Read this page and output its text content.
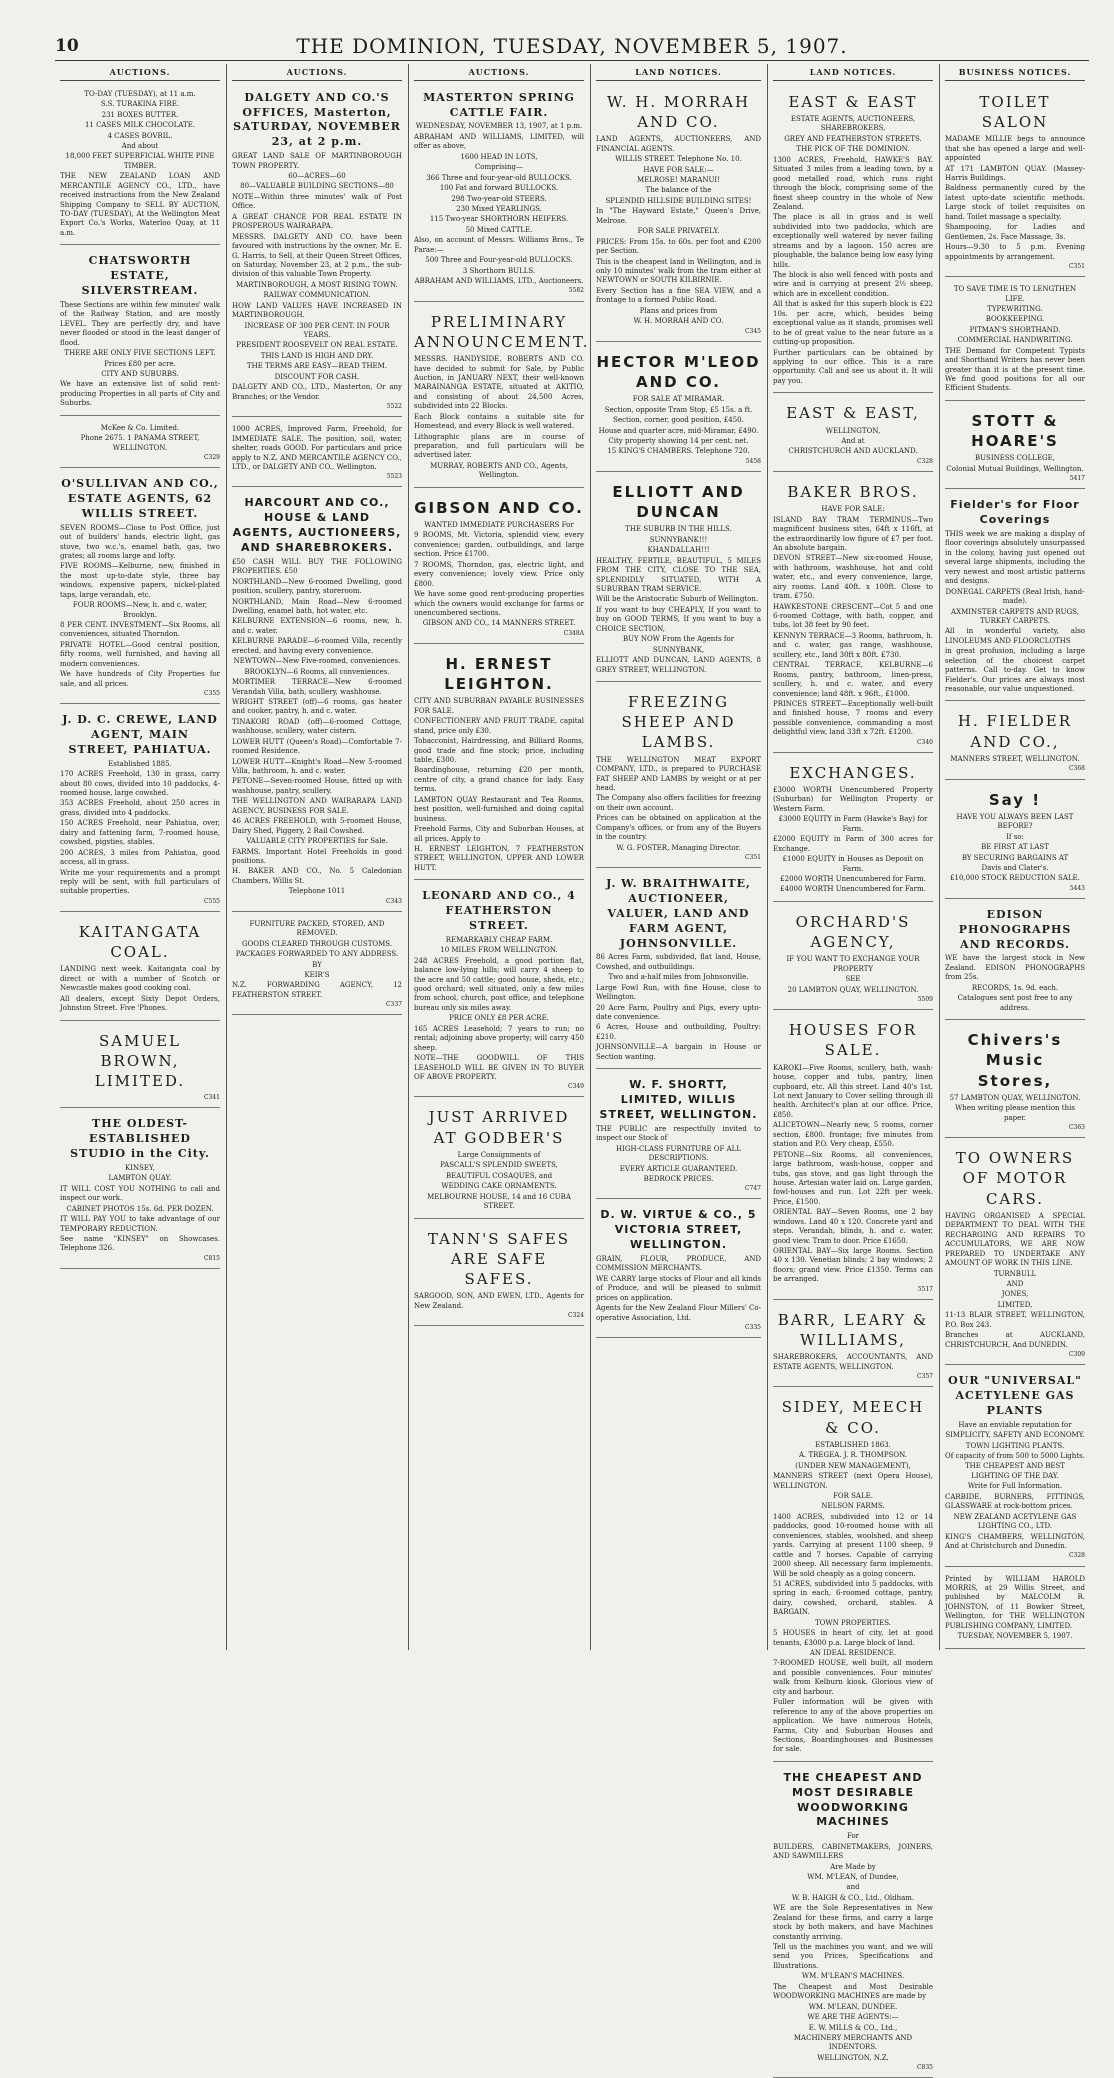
10	THE DOMINION, TUESDAY, NOVEMBER 5, 1907.
AUCTIONS.

TO-DAY (TUESDAY), at 11 a.m.

S.S. TURAKINA FIRE.

231 BOXES BUTTER.

11 CASES MILK CHOCOLATE.

4 CASES BOVRIL.

And about

18,000 FEET SUPERFICIAL WHITE PINE TIMBER.

THE NEW ZEALAND LOAN AND MERCANTILE AGENCY CO., LTD., have received instructions from the New Zealand Shipping Company to SELL BY AUCTION, TO-DAY (TUESDAY), At the Wellington Meat Export Co.'s Works, Waterloo Quay, at 11 a.m.

CHATSWORTH ESTATE, SILVERSTREAM.

These Sections are within few minutes' walk of the Railway Station, and are mostly LEVEL. They are perfectly dry, and have never flooded or stood in the least danger of flood.

THERE ARE ONLY FIVE SECTIONS LEFT.

Prices £80 per acre.

CITY AND SUBURBS.

We have an extensive list of solid rent-producing Properties in all parts of City and Suburbs.

McKee & Co. Limited.

Phone 2675. 1 PANAMA STREET, WELLINGTON.

C329
O'SULLIVAN AND CO., ESTATE AGENTS, 62 WILLIS STREET.

SEVEN ROOMS—Close to Post Office, just out of builders' hands, electric light, gas stove, two w.c.'s, enamel bath, gas, two grates; all rooms large and lofty.

FIVE ROOMS—Kelburne, new, finished in the most up-to-date style, three bay windows, expensive papers, nickel-plated taps, large verandah, etc.

FOUR ROOMS—New, h. and c. water, Brooklyn.

8 PER CENT. INVESTMENT—Six Rooms, all conveniences, situated Thorndon.

PRIVATE HOTEL—Good central position, fifty rooms, well furnished, and having all modern conveniences.

We have hundreds of City Properties for sale, and all prices.

C355
J. D. C. CREWE, LAND AGENT, MAIN STREET, PAHIATUA.

Established 1885.

170 ACRES Freehold, 130 in grass, carry about 80 cows, divided into 10 paddocks, 4-roomed house, large cowshed.

353 ACRES Freehold, about 250 acres in grass, divided into 4 paddocks.

150 ACRES Freehold, near Pahiatua, over, dairy and fattening farm, 7-roomed house, cowshed, pigsties, stables.

200 ACRES, 3 miles from Pahiatua, good access, all in grass.

Write me your requirements and a prompt reply will be sent, with full particulars of suitable properties.

C555
KAITANGATA COAL.

LANDING next week. Kaitangata coal by direct or with a number of Scotch or Newcastle makes good cooking coal.

All dealers, except Sixty Depot Orders, Johnston Street. Five 'Phones.

SAMUEL BROWN, LIMITED.
C341
THE OLDEST-ESTABLISHED STUDIO in the City.

KINSEY,

LAMBTON QUAY.

IT WILL COST YOU NOTHING to call and inspect our work.

CABINET PHOTOS 15s. 6d. PER DOZEN.

IT WILL PAY YOU to take advantage of our TEMPORARY REDUCTION.

See name "KINSEY" on Showcases. Telephone 326.

C815
AUCTIONS.
DALGETY AND CO.'S OFFICES, Masterton, SATURDAY, NOVEMBER 23, at 2 p.m.

GREAT LAND SALE OF MARTINBOROUGH TOWN PROPERTY.

60—ACRES—60

80—VALUABLE BUILDING SECTIONS—80

NOTE—Within three minutes' walk of Post Office.

A GREAT CHANCE FOR REAL ESTATE IN PROSPEROUS WAIRARAPA.

MESSRS. DALGETY AND CO. have been favoured with instructions by the owner, Mr. E. G. Harris, to Sell, at their Queen Street Offices, on Saturday, November 23, at 2 p.m., the sub-division of this valuable Town Property.

MARTINBOROUGH, A MOST RISING TOWN.

RAILWAY COMMUNICATION.

HOW LAND VALUES HAVE INCREASED IN MARTINBOROUGH.

INCREASE OF 300 PER CENT. IN FOUR YEARS.

PRESIDENT ROOSEVELT ON REAL ESTATE.

THIS LAND IS HIGH AND DRY.

THE TERMS ARE EASY—READ THEM.

DISCOUNT FOR CASH.

DALGETY AND CO., LTD., Masterton, Or any Branches; or the Vendor.

5522

1000 ACRES, Improved Farm, Freehold, for IMMEDIATE SALE. The position, soil, water, shelter, roads GOOD. For particulars and price apply to N.Z. AND MERCANTILE AGENCY CO., LTD., or DALGETY AND CO., Wellington.

5523
HARCOURT AND CO., HOUSE & LAND AGENTS, AUCTIONEERS, AND SHAREBROKERS.

£50 CASH WILL BUY THE FOLLOWING PROPERTIES. £50

NORTHLAND—New 6-roomed Dwelling, good position, scullery, pantry, storeroom.

NORTHLAND, Main Road—New 6-roomed Dwelling, enamel bath, hot water, etc.

KELBURNE EXTENSION—6 rooms, new, h. and c. water.

KELBURNE PARADE—6-roomed Villa, recently erected, and having every convenience.

NEWTOWN—New Five-roomed, conveniences.

BROOKLYN—6 Rooms, all conveniences.

MORTIMER TERRACE—New 6-roomed Verandah Villa, bath, scullery, washhouse.

WRIGHT STREET (off)—6 rooms, gas heater and cooker, pantry, h. and c. water.

TINAKORI ROAD (off)—6-roomed Cottage, washhouse, scullery, water cistern.

LOWER HUTT (Queen's Road)—Comfortable 7-roomed Residence.

LOWER HUTT—Knight's Road—New 5-roomed Villa, bathroom, h. and c. water.

PETONE—Seven-roomed House, fitted up with washhouse, pantry, scullery.

THE WELLINGTON AND WAIRARAPA LAND AGENCY, BUSINESS FOR SALE.

46 ACRES FREEHOLD, with 5-roomed House, Dairy Shed, Piggery, 2 Rail Cowshed.

VALUABLE CITY PROPERTIES for Sale.

FARMS. Important Hotel Freeholds in good positions.

H. BAKER AND CO., No. 5 Caledonian Chambers, Willis St.

Telephone 1011

C343

FURNITURE PACKED, STORED, AND REMOVED.

GOODS CLEARED THROUGH CUSTOMS.

PACKAGES FORWARDED TO ANY ADDRESS.

BY

KEIR'S

N.Z. FORWARDING AGENCY, 12 FEATHERSTON STREET.

C337
AUCTIONS.
MASTERTON SPRING CATTLE FAIR.

WEDNESDAY, NOVEMBER 13, 1907, at 1 p.m.

ABRAHAM AND WILLIAMS, LIMITED, will offer as above,

1600 HEAD IN LOTS,

Comprising—

366 Three and four-year-old BULLOCKS.

100 Fat and forward BULLOCKS.

298 Two-year-old STEERS.

230 Mixed YEARLINGS.

115 Two-year SHORTHORN HEIFERS.

50 Mixed CATTLE.

Also, on account of Messrs. Williams Bros., Te Parae:—

500 Three and Four-year-old BULLOCKS.

3 Shorthorn BULLS.

ABRAHAM AND WILLIAMS, LTD., Auctioneers.

5582
PRELIMINARY ANNOUNCEMENT.

MESSRS. HANDYSIDE, ROBERTS AND CO. have decided to submit for Sale, by Public Auction, in JANUARY NEXT, their well-known MARAINANGA ESTATE, situated at AKITIO, and consisting of about 24,500 Acres, subdivided into 22 Blocks.

Each Block contains a suitable site for Homestead, and every Block is well watered.

Lithographic plans are in course of preparation, and full particulars will be advertised later.

MURRAY, ROBERTS AND CO., Agents, Wellington.

GIBSON AND CO.

WANTED IMMEDIATE PURCHASERS For

9 ROOMS, Mt. Victoria, splendid view, every convenience; garden, outbuildings, and large section. Price £1700.

7 ROOMS, Thorndon, gas, electric light, and every convenience; lovely view. Price only £800.

We have some good rent-producing properties which the owners would exchange for farms or unencumbered sections.

GIBSON AND CO., 14 MANNERS STREET.

C348A
H. ERNEST LEIGHTON.

CITY AND SUBURBAN PAYABLE BUSINESSES FOR SALE.

CONFECTIONERY AND FRUIT TRADE, capital stand, price only £30.

Tobacconist, Hairdressing, and Billiard Rooms, good trade and fine stock; price, including table, £300.

Boardinghouse, returning £20 per month, centre of city, a grand chance for lady. Easy terms.

LAMBTON QUAY Restaurant and Tea Rooms, best position, well-furnished and doing capital business.

Freehold Farms, City and Suburban Houses, at all prices. Apply to

H. ERNEST LEIGHTON, 7 FEATHERSTON STREET, WELLINGTON, UPPER AND LOWER HUTT.

LEONARD AND CO., 4 FEATHERSTON STREET.

REMARKABLY CHEAP FARM.

10 MILES FROM WELLINGTON.

248 ACRES Freehold, a good portion flat, balance low-lying hills; will carry 4 sheep to the acre and 50 cattle; good house, sheds, etc.; good orchard; well situated, only a few miles from school, church, post office, and telephone bureau only six miles away.

PRICE ONLY £8 PER ACRE.

165 ACRES Leasehold; 7 years to run; no rental; adjoining above property; will carry 450 sheep.

NOTE—THE GOODWILL OF THIS LEASEHOLD WILL BE GIVEN IN TO BUYER OF ABOVE PROPERTY.

C349
JUST ARRIVED AT GODBER'S

Large Consignments of

PASCALL'S SPLENDID SWEETS,

BEAUTIFUL COSAQUES, and

WEDDING CAKE ORNAMENTS.

MELBOURNE HOUSE, 14 and 16 CUBA STREET.

TANN'S SAFES ARE SAFE SAFES.

SARGOOD, SON, AND EWEN, LTD., Agents for New Zealand.

C324
LAND NOTICES.
W. H. MORRAH AND CO.

LAND AGENTS, AUCTIONEERS, AND FINANCIAL AGENTS.

WILLIS STREET. Telephone No. 10.

HAVE FOR SALE:—

MELROSE! MARANUI!

The balance of the

SPLENDID HILLSIDE BUILDING SITES!

In "The Hayward Estate," Queen's Drive, Melrose.

FOR SALE PRIVATELY.

PRICES: From 15s. to 60s. per foot and £200 per Section.

This is the cheapest land in Wellington, and is only 10 minutes' walk from the tram either at NEWTOWN or SOUTH KILBIRNIE.

Every Section has a fine SEA VIEW, and a frontage to a formed Public Road.

Plans and prices from

W. H. MORRAH AND CO.

C345
HECTOR M'LEOD AND CO.

FOR SALE AT MIRAMAR.

Section, opposite Tram Stop, £5 15s. a ft.

Section, corner, good position, £450.

House and quarter acre, mid-Miramar, £490.

City property showing 14 per cent. net.

15 KING'S CHAMBERS. Telephone 720.

5458
ELLIOTT AND DUNCAN

THE SUBURB IN THE HILLS.

SUNNYBANK!!!

KHANDALLAH!!!

HEALTHY, FERTILE, BEAUTIFUL, 5 MILES FROM THE CITY, CLOSE TO THE SEA, SPLENDIDLY SITUATED, WITH A SUBURBAN TRAM SERVICE.

Will be the Aristocratic Suburb of Wellington.

If you want to buy CHEAPLY, If you want to buy on GOOD TERMS, If you want to buy a CHOICE SECTION,

BUY NOW From the Agents for

SUNNYBANK,

ELLIOTT AND DUNCAN, LAND AGENTS, 8 GREY STREET, WELLINGTON.

FREEZING SHEEP AND LAMBS.

THE WELLINGTON MEAT EXPORT COMPANY, LTD., is prepared to PURCHASE FAT SHEEP AND LAMBS by weight or at per head.

The Company also offers facilities for freezing on their own account.

Prices can be obtained on application at the Company's offices, or from any of the Buyers in the country.

W. G. FOSTER, Managing Director.

C351
J. W. BRAITHWAITE, AUCTIONEER, VALUER, LAND AND FARM AGENT, JOHNSONVILLE.

86 Acres Farm, subdivided, flat land, House, Cowshed, and outbuildings.

Two and a-half miles from Johnsonville.

Large Fowl Run, with fine House, close to Wellington.

20 Acre Farm, Poultry and Pigs, every upto-date convenience.

6 Acres, House and outbuilding, Poultry: £210.

JOHNSONVILLE—A bargain in House or Section wanting.

W. F. SHORTT, LIMITED, WILLIS STREET, WELLINGTON.

THE PUBLIC are respectfully invited to inspect our Stock of

HIGH-CLASS FURNITURE OF ALL DESCRIPTIONS.

EVERY ARTICLE GUARANTEED.

BEDROCK PRICES.

C747
D. W. VIRTUE & CO., 5 VICTORIA STREET, WELLINGTON.

GRAIN, FLOUR, PRODUCE, AND COMMISSION MERCHANTS.

WE CARRY large stocks of Flour and all kinds of Produce, and will be pleased to submit prices on application.

Agents for the New Zealand Flour Millers' Co-operative Association, Ltd.

C335
LAND NOTICES.
EAST & EAST

ESTATE AGENTS, AUCTIONEERS, SHAREBROKERS,

GREY AND FEATHERSTON STREETS.

THE PICK OF THE DOMINION.

1300 ACRES, Freehold, HAWKE'S BAY. Situated 3 miles from a leading town, by a good metalled road, which runs right through the block, comprising some of the finest sheep country in the whole of New Zealand.

The place is all in grass and is well subdivided into two paddocks, which are exceptionally well watered by never failing streams and by a lagoon. 150 acres are ploughable, the balance being low easy lying hills.

The block is also well fenced with posts and wire and is carrying at present 2½ sheep, which are in excellent condition.

All that is asked for this superb block is £22 10s. per acre, which, besides being exceptional value as it stands, promises well to be of great value to the near future as a cutting-up proposition.

Further particulars can be obtained by applying to our office. This is a rare opportunity. Call and see us about it. It will pay you.

EAST & EAST,

WELLINGTON,

And at

CHRISTCHURCH AND AUCKLAND.

C328
BAKER BROS.

HAVE FOR SALE:

ISLAND BAY TRAM TERMINUS—Two magnificent business sites, 64ft x 116ft, at the extraordinarily low figure of £7 per foot. An absolute bargain.

DEVON STREET—New six-roomed House, with bathroom, washhouse, hot and cold water, etc., and every convenience, large, airy rooms. Land 40ft. x 100ft. Close to tram. £750.

HAWKESTONE CRESCENT—Cot 5 and one 6-roomed Cottage, with bath, copper, and tubs, lot 38 feet by 90 feet.

KENNYN TERRACE—3 Rooms, bathroom, h. and c. water, gas range, washhouse, scullery, etc., land 30ft x 80ft. £730.

CENTRAL TERRACE, KELBURNE—6 Rooms, pantry, bathroom, linen-press, scullery, h. and c. water, and every convenience; land 48ft. x 96ft., £1000.

PRINCES STREET—Exceptionally well-built and finished house, 7 rooms and every possible convenience, commanding a most delightful view, land 33ft x 72ft. £1200.

C340
EXCHANGES.

£3000 WORTH Unencumbered Property (Suburban) for Wellington Property or Western Farm.

£3000 EQUITY in Farm (Hawke's Bay) for Farm.

£2000 EQUITY in Farm of 300 acres for Exchange.

£1000 EQUITY in Houses as Deposit on Farm.

£2000 WORTH Unencumbered for Farm.

£4000 WORTH Unencumbered for Farm.

ORCHARD'S AGENCY,

IF YOU WANT TO EXCHANGE YOUR PROPERTY

SEE

20 LAMBTON QUAY, WELLINGTON.

5509
HOUSES FOR SALE.

KAROKI—Five Rooms, scullery, bath, wash-house, copper and tubs, pantry, linen cupboard, etc. All this street. Land 40's 1st. Lot next January to Cover selling through ill health. Architect's plan at our office. Price, £850.

ALICETOWN—Nearly new, 5 rooms, corner section, £800. frontage; five minutes from station and P.O. Very cheap, £550.

PETONE—Six Rooms, all conveniences, large bathroom, wash-house, copper and tubs, gas stove, and gas light through the house. Artesian water laid on. Large garden, fowl-houses and run. Lot 22ft per week. Price, £1500.

ORIENTAL BAY—Seven Rooms, one 2 bay windows. Land 40 x 120. Concrete yard and steps. Verandah, blinds, h. and c. water, good view. Tram to door. Price £1650.

ORIENTAL BAY—Six large Rooms. Section 40 x 130. Venetian blinds; 2 bay windows; 2 floors; grand view. Price £1350. Terms can be arranged.

5517
BARR, LEARY & WILLIAMS,

SHAREBROKERS, ACCOUNTANTS, AND ESTATE AGENTS, WELLINGTON.

C357
SIDEY, MEECH & CO.

ESTABLISHED 1863.

A. TREGEA. J. R. THOMPSON.

(UNDER NEW MANAGEMENT),

MANNERS STREET (next Opera House), WELLINGTON.

FOR SALE.

NELSON FARMS.

1400 ACRES, subdivided into 12 or 14 paddocks, good 10-roomed house with all conveniences, stables, woolshed, and sheep yards. Carrying at present 1100 sheep, 9 cattle and 7 horses. Capable of carrying 2000 sheep. All necessary farm implements. Will be sold cheaply as a going concern.

51 ACRES, subdivided into 5 paddocks, with spring in each, 6-roomed cottage, pantry, dairy, cowshed, orchard, stables. A BARGAIN.

TOWN PROPERTIES.

5 HOUSES in heart of city, let at good tenants, £3000 p.a. Large block of land.

AN IDEAL RESIDENCE.

7-ROOMED HOUSE, well built, all modern and possible conveniences. Four minutes' walk from Kelburn kiosk. Glorious view of city and harbour.

Fuller information will be given with reference to any of the above properties on application. We have numerous Hotels, Farms, City and Suburban Houses and Sections, Boardinghouses and Businesses for sale.

THE CHEAPEST AND MOST DESIRABLE WOODWORKING MACHINES

For

BUILDERS, CABINETMAKERS, JOINERS, AND SAWMILLERS

Are Made by

WM. M'LEAN, of Dundee,

and

W. B. HAIGH & CO., Ltd., Oldham.

WE are the Sole Representatives in New Zealand for these firms, and carry a large stock by both makers, and have Machines constantly arriving.

Tell us the machines you want, and we will send you Prices, Specifications and Illustrations.

WM. M'LEAN'S MACHINES.

The Cheapest and Most Desirable WOODWORKING MACHINES are made by

WM. M'LEAN, DUNDEE.

WE ARE THE AGENTS:—

E. W. MILLS & CO., Ltd.,

MACHINERY MERCHANTS AND INDENTORS.

WELLINGTON, N.Z.

C835
BUSINESS NOTICES.
TOILET SALON

MADAME MILLIE begs to announce that she has opened a large and well-appointed

AT 171 LAMBTON QUAY. (Massey-Harris Buildings.

Baldness permanently cured by the latest upto-date scientific methods. Large stock of toilet requisites on hand. Toilet massage a specialty.

Shampooing, for Ladies and Gentlemen, 2s. Face Massage, 3s.

Hours—9.30 to 5 p.m. Evening appointments by arrangement.

C351

TO SAVE TIME IS TO LENGTHEN LIFE.

TYPEWRITING.

BOOKKEEPING.

PITMAN'S SHORTHAND.

COMMERCIAL HANDWRITING.

THE Demand for Competent Typists and Shorthand Writers has never been greater than it is at the present time. We find good positions for all our Efficient Students.

STOTT & HOARE'S

BUSINESS COLLEGE,

Colonial Mutual Buildings, Wellington.

5417
Fielder's for Floor Coverings

THIS week we are making a display of floor coverings absolutely unsurpassed in the colony, having just opened out several large shipments, including the very newest and most artistic patterns and designs.

DONEGAL CARPETS (Real Irish, hand-made).

AXMINSTER CARPETS AND RUGS, TURKEY CARPETS.

All in wonderful variety, also LINOLEUMS AND FLOORCLOTHS

in great profusion, including a large selection of the choicest carpet patterns. Call to-day. Get to know Fielder's. Our prices are always most reasonable, our value unquestioned.

H. FIELDER AND CO.,

MANNERS STREET, WELLINGTON.

C368
Say !

HAVE YOU ALWAYS BEEN LAST BEFORE?

If so:

BE FIRST AT LAST

BY SECURING BARGAINS AT

Davis and Clater's.

£10,000 STOCK REDUCTION SALE.

5443
EDISON PHONOGRAPHS AND RECORDS.

WE have the largest stock in New Zealand. EDISON PHONOGRAPHS from 25s.

RECORDS, 1s. 9d. each.

Catalogues sent post free to any address.

Chivers's Music Stores,

57 LAMBTON QUAY, WELLINGTON.

When writing please mention this paper.

C363
TO OWNERS OF MOTOR CARS.

HAVING ORGANISED A SPECIAL DEPARTMENT TO DEAL WITH THE RECHARGING AND REPAIRS TO ACCUMULATORS, WE ARE NOW PREPARED TO UNDERTAKE ANY AMOUNT OF WORK IN THIS LINE.

TURNBULL

AND

JONES,

LIMITED,

11-13 BLAIR STREET, WELLINGTON, P.O. Box 243.

Branches at AUCKLAND, CHRISTCHURCH, And DUNEDIN.

C309
OUR "UNIVERSAL" ACETYLENE GAS PLANTS

Have an enviable reputation for

SIMPLICITY, SAFETY AND ECONOMY.

TOWN LIGHTING PLANTS.

Of capacity of from 500 to 5000 Lights.

THE CHEAPEST AND BEST LIGHTING OF THE DAY.

Write for Full Information.

CARBIDE, BURNERS, FITTINGS, GLASSWARE at rock-bottom prices.

NEW ZEALAND ACETYLENE GAS LIGHTING CO., LTD.

KING'S CHAMBERS, WELLINGTON, And at Christchurch and Dunedin.

C328

Printed by WILLIAM HAROLD MORRIS, at 29 Willis Street, and published by MALCOLM R. JOHNSTON, of 11 Bowker Street, Wellington, for THE WELLINGTON PUBLISHING COMPANY, LIMITED.

TUESDAY, NOVEMBER 5, 1907.
